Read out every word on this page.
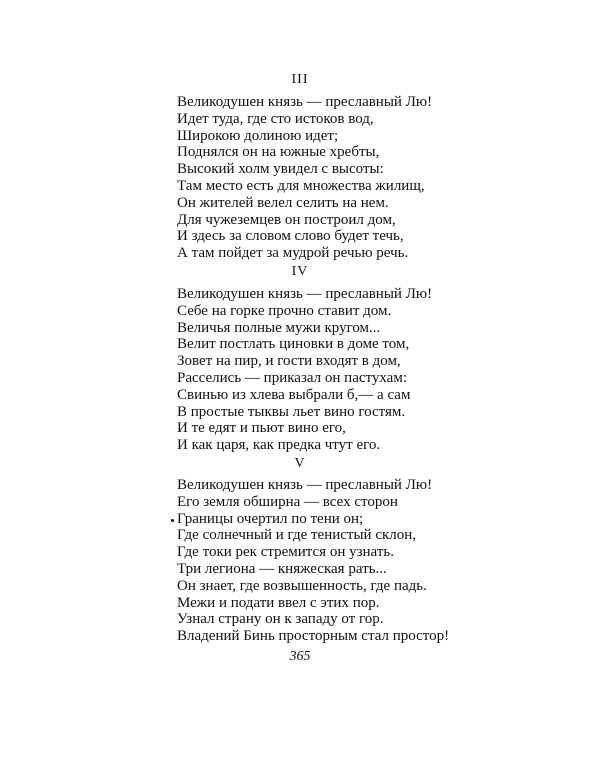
III
Великодушен князь — преславный Лю!
Идет туда, где сто истоков вод,
Широкою долиною идет;
Поднялся он на южные хребты,
Высокий холм увидел с высоты:
Там место есть для множества жилищ,
Он жителей велел селить на нем.
Для чужеземцев он построил дом,
И здесь за словом слово будет течь,
А там пойдет за мудрой речью речь.
IV
Великодушен князь — преславный Лю!
Себе на горке прочно ставит дом.
Величья полные мужи кругом...
Велит постлать циновки в доме том,
Зовет на пир, и гости входят в дом,
Расселись — приказал он пастухам:
Свинью из хлева выбрали б,— а сам
В простые тыквы льет вино гостям.
И те едят и пьют вино его,
И как царя, как предка чтут его.
V
Великодушен князь — преславный Лю!
Его земля обширна — всех сторон
Границы очертил по тени он;
Где солнечный и где тенистый склон,
Где токи рек стремится он узнать.
Три легиона — княжеская рать...
Он знает, где возвышенность, где падь.
Межи и подати ввел с этих пор.
Узнал страну он к западу от гор.
Владений Бинь просторным стал простор!
365
